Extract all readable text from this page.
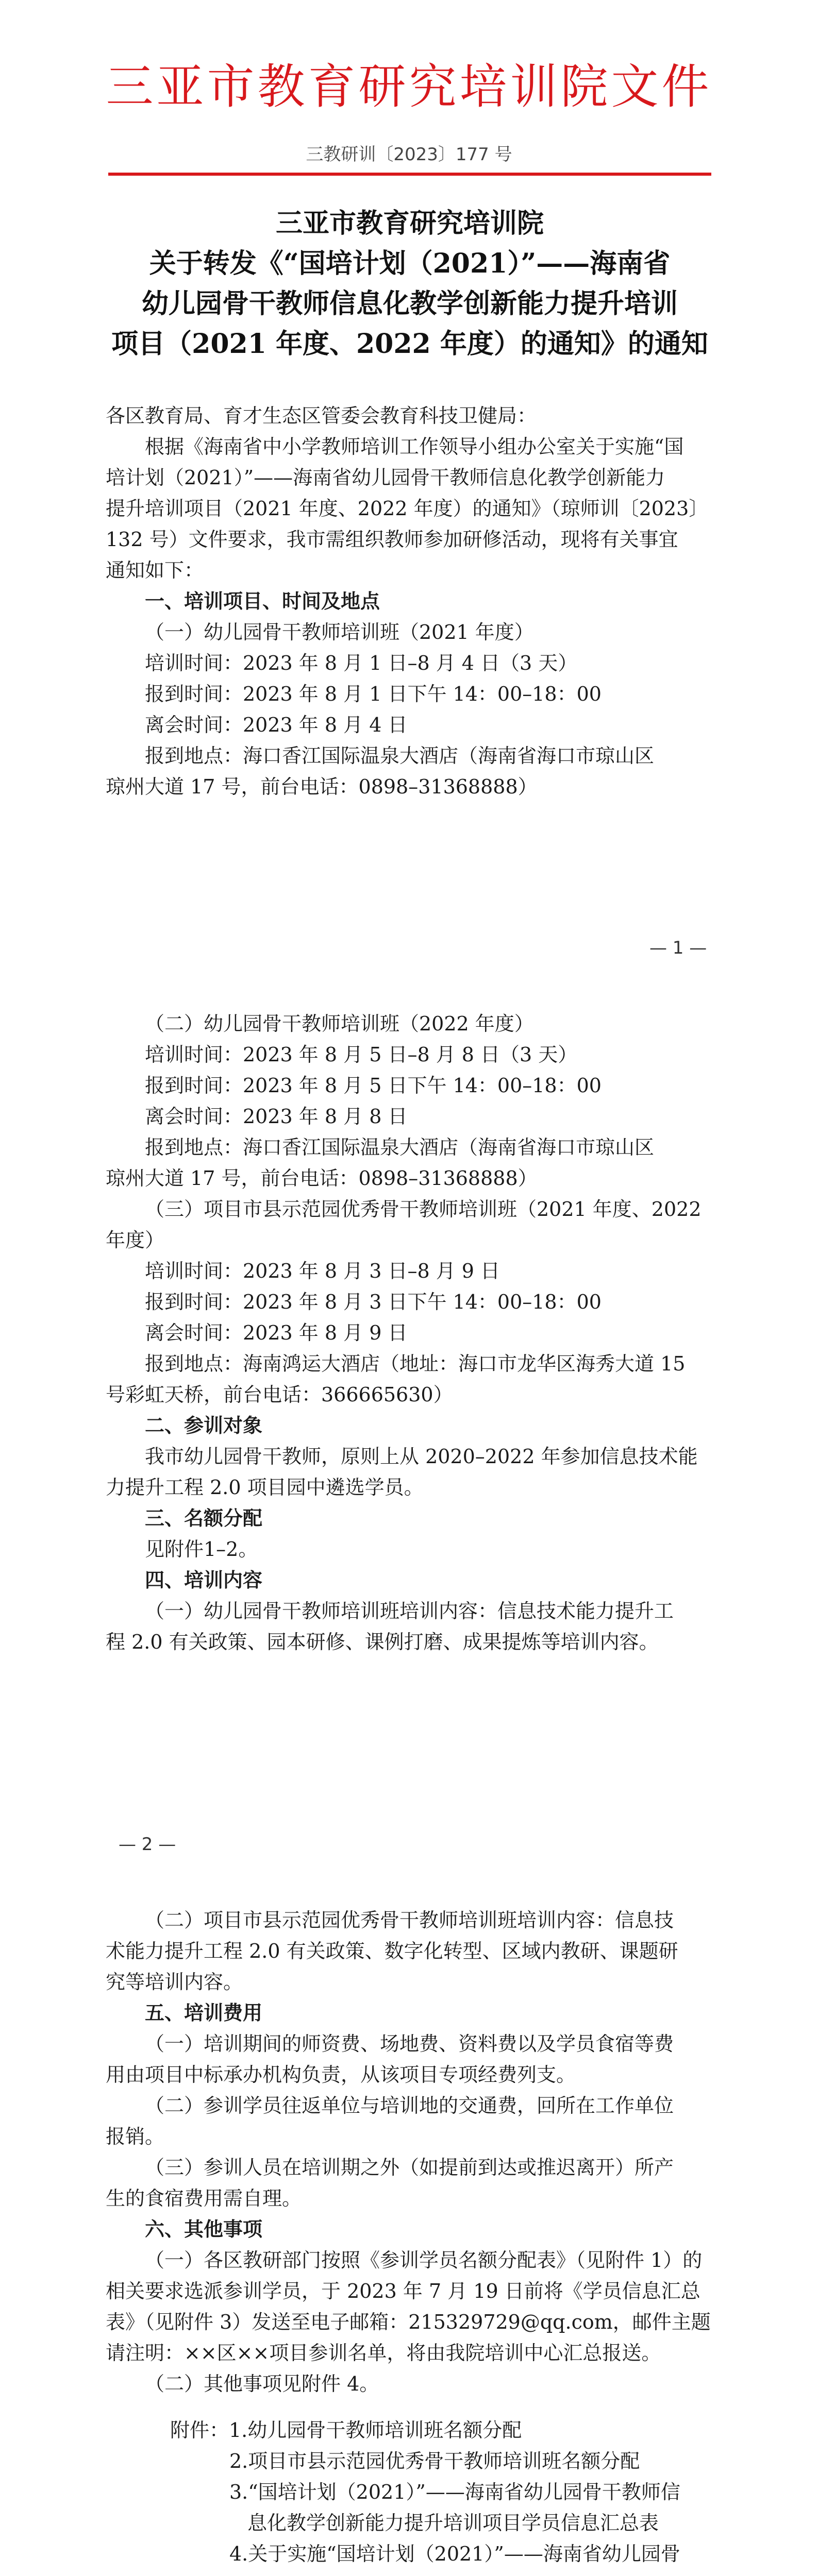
三亚市教育研究培训院文件
三教研训〔2023〕177 号
三亚市教育研究培训院
关于转发《“国培计划（2021）”——海南省
幼儿园骨干教师信息化教学创新能力提升培训
项目（2021 年度、2022 年度）的通知》的通知
各区教育局、育才生态区管委会教育科技卫健局：
根据《海南省中小学教师培训工作领导小组办公室关于实施“国
培计划（2021）”——海南省幼儿园骨干教师信息化教学创新能力
提升培训项目（2021 年度、2022 年度）的通知》（琼师训〔2023〕
132 号）文件要求，我市需组织教师参加研修活动，现将有关事宜
通知如下：
一、培训项目、时间及地点
（一）幼儿园骨干教师培训班（2021 年度）
培训时间：2023 年 8 月 1 日–8 月 4 日（3 天）
报到时间：2023 年 8 月 1 日下午 14：00–18：00
离会时间：2023 年 8 月 4 日
报到地点：海口香江国际温泉大酒店（海南省海口市琼山区
琼州大道 17 号，前台电话：0898–31368888）
— 1 —
（二）幼儿园骨干教师培训班（2022 年度）
培训时间：2023 年 8 月 5 日–8 月 8 日（3 天）
报到时间：2023 年 8 月 5 日下午 14：00–18：00
离会时间：2023 年 8 月 8 日
报到地点：海口香江国际温泉大酒店（海南省海口市琼山区
琼州大道 17 号，前台电话：0898–31368888）
（三）项目市县示范园优秀骨干教师培训班（2021 年度、2022
年度）
培训时间：2023 年 8 月 3 日–8 月 9 日
报到时间：2023 年 8 月 3 日下午 14：00–18：00
离会时间：2023 年 8 月 9 日
报到地点：海南鸿运大酒店（地址：海口市龙华区海秀大道 15
号彩虹天桥，前台电话：366665630）
二、参训对象
我市幼儿园骨干教师，原则上从 2020–2022 年参加信息技术能
力提升工程 2.0 项目园中遴选学员。
三、名额分配
见附件1–2。
四、培训内容
（一）幼儿园骨干教师培训班培训内容：信息技术能力提升工
程 2.0 有关政策、园本研修、课例打磨、成果提炼等培训内容。
— 2 —
（二）项目市县示范园优秀骨干教师培训班培训内容：信息技
术能力提升工程 2.0 有关政策、数字化转型、区域内教研、课题研
究等培训内容。
五、培训费用
（一）培训期间的师资费、场地费、资料费以及学员食宿等费
用由项目中标承办机构负责，从该项目专项经费列支。
（二）参训学员往返单位与培训地的交通费，回所在工作单位
报销。
（三）参训人员在培训期之外（如提前到达或推迟离开）所产
生的食宿费用需自理。
六、其他事项
（一）各区教研部门按照《参训学员名额分配表》（见附件 1）的
相关要求选派参训学员，于 2023 年 7 月 19 日前将《学员信息汇总
表》（见附件 3）发送至电子邮箱：215329729@qq.com，邮件主题
请注明：××区××项目参训名单，将由我院培训中心汇总报送。
（二）其他事项见附件 4。
附件：1.幼儿园骨干教师培训班名额分配
2.项目市县示范园优秀骨干教师培训班名额分配
3.“国培计划（2021）”——海南省幼儿园骨干教师信
息化教学创新能力提升培训项目学员信息汇总表
4.关于实施“国培计划（2021）”——海南省幼儿园骨
